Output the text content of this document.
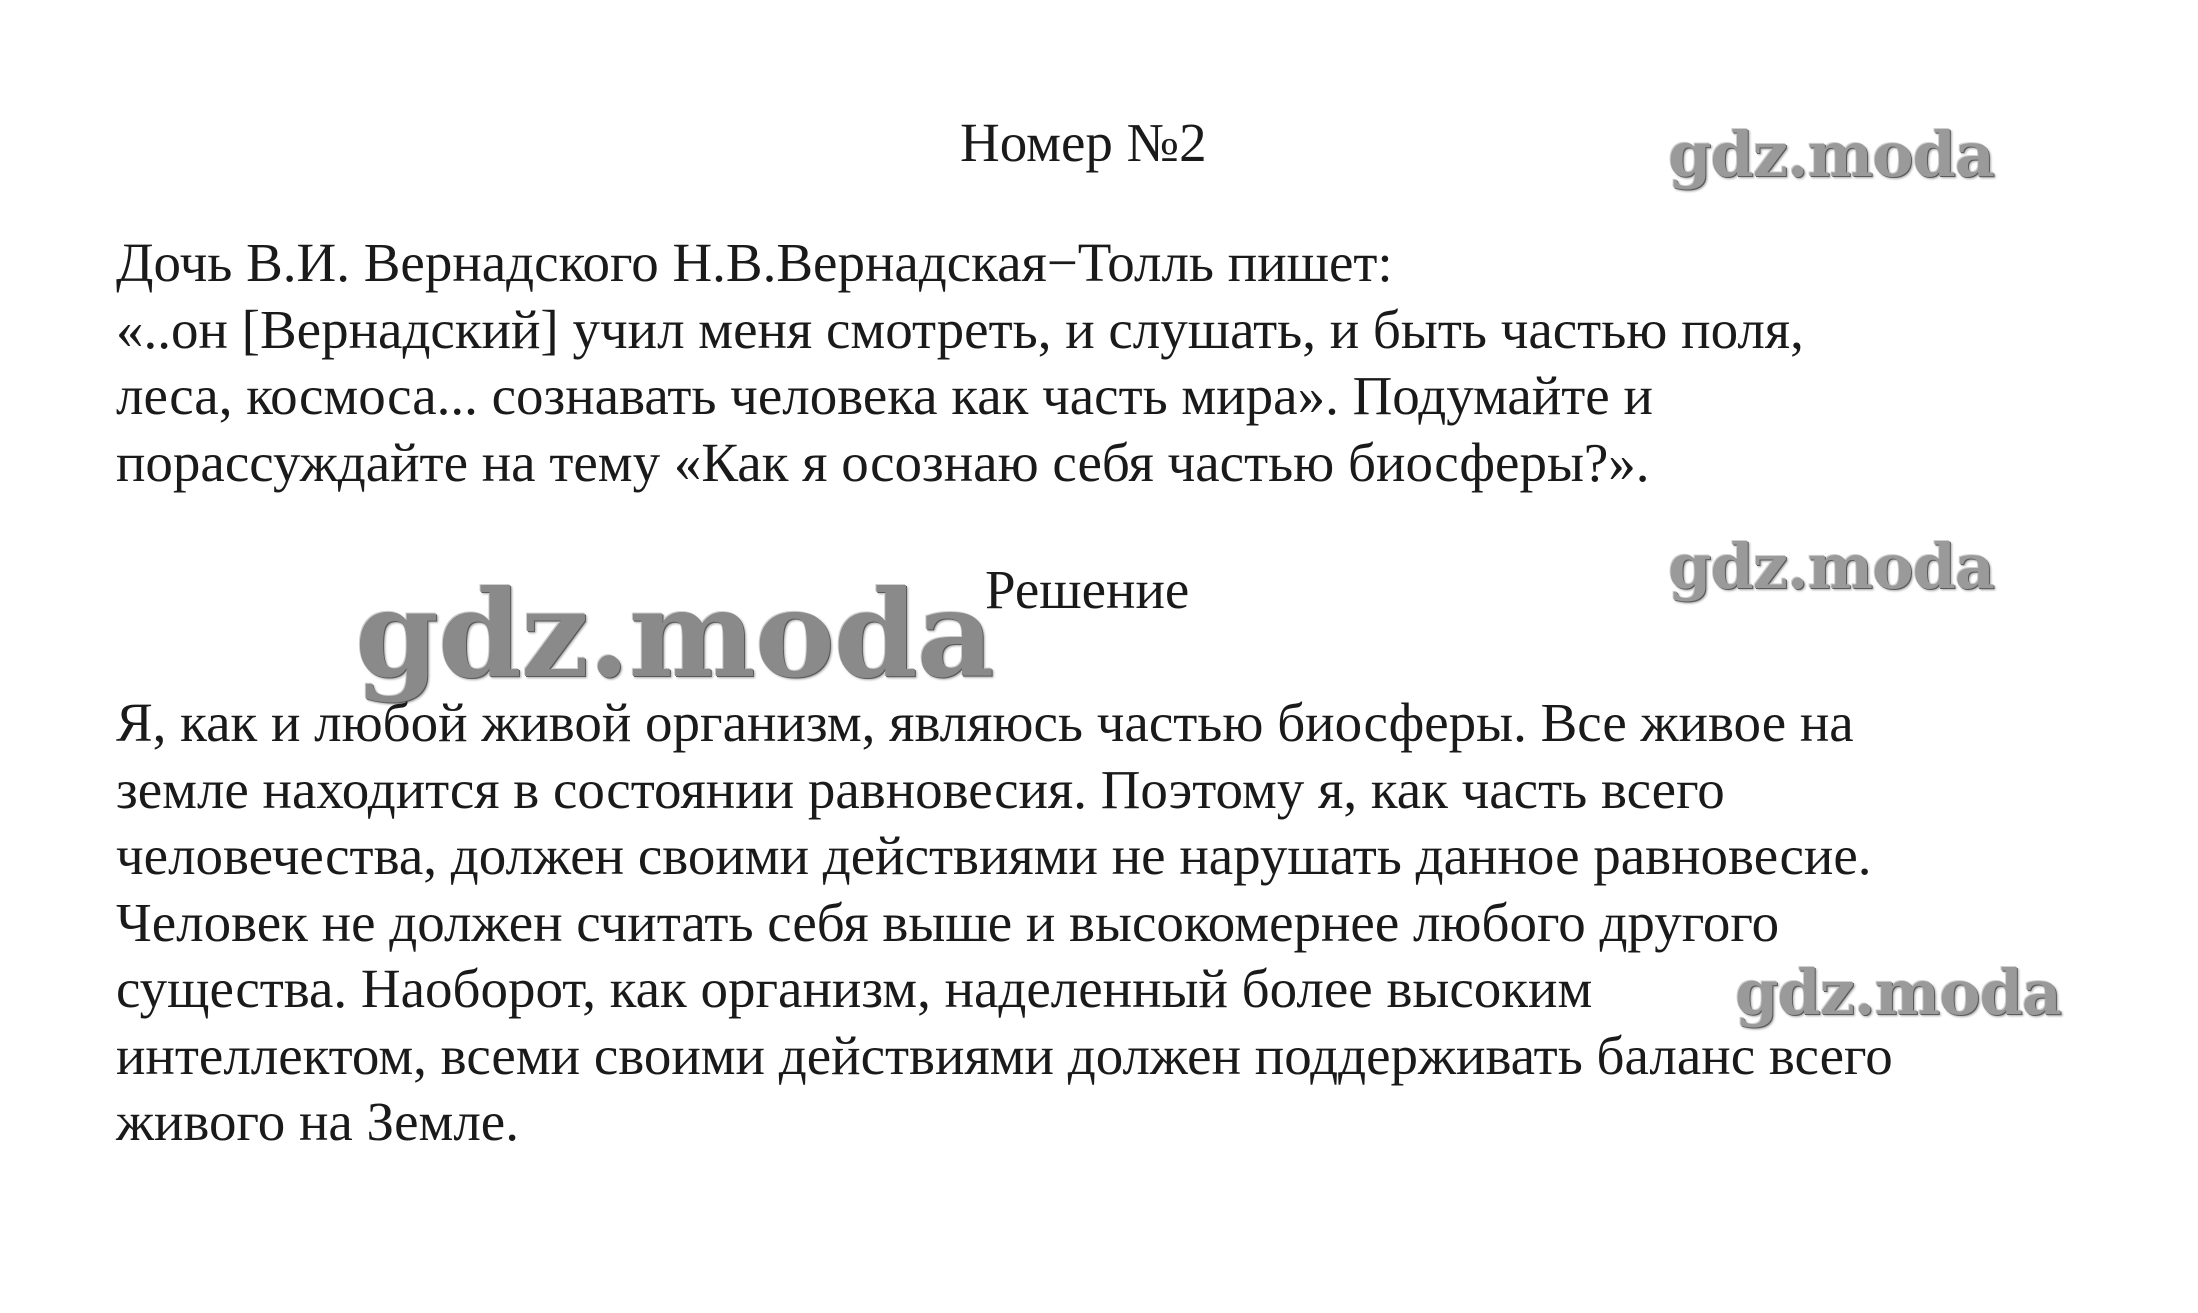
Номер №2	gdz.moda
Дочь В.И. Вернадского Н.В.Вернадская−Толль пишет:
«..он [Вернадский] учил меня смотреть, и слушать, и быть частью поля,
леса, космоса... сознавать человека как часть мира». Подумайте и
порассуждайте на тему «Как я осознаю себя частью биосферы?».
gdz.moda
gdz.moda
Решение
Я, как и любой живой организм, являюсь частью биосферы. Все живое на
земле находится в состоянии равновесия. Поэтому я, как часть всего
человечества, должен своими действиями не нарушать данное равновесие.
Человек не должен считать себя выше и высокомернее любого другого
существа. Наоборот, как организм, наделенный более высоким
интеллектом, всеми своими действиями должен поддерживать баланс всего
живого на Земле.
gdz.moda
